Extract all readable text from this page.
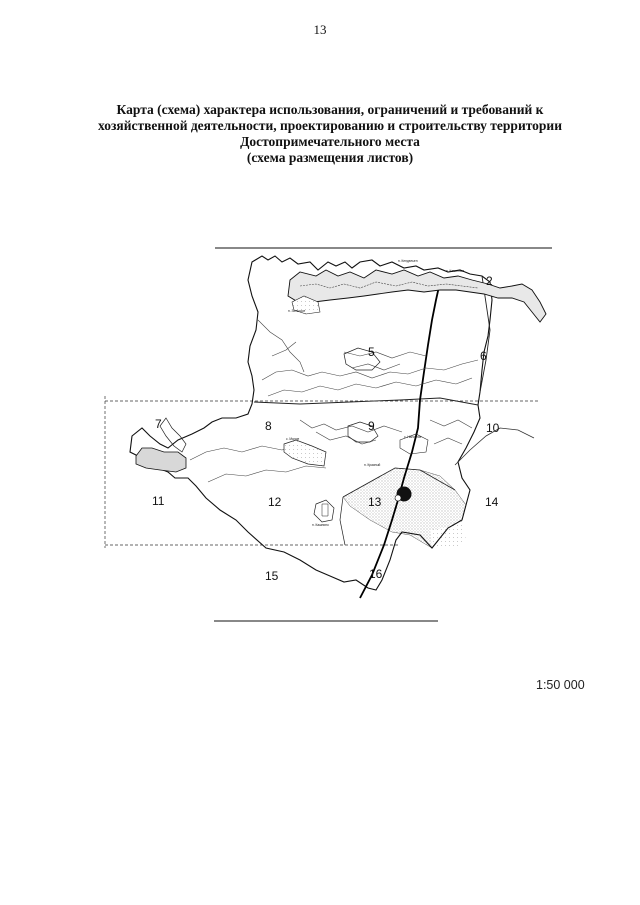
13
Карта (схема) характера использования, ограничений и требований к
хозяйственной деятельности, проектированию и строительству территории
Достопримечательного места
(схема размещения листов)
2
5	6
7	8	9	10
11	12	13	14
15	16
п. Зольское
п. Каменное
с. Малое
п. Кендельен
с. Нагорное
п. Кашнино
п. Красный
1:50 000
